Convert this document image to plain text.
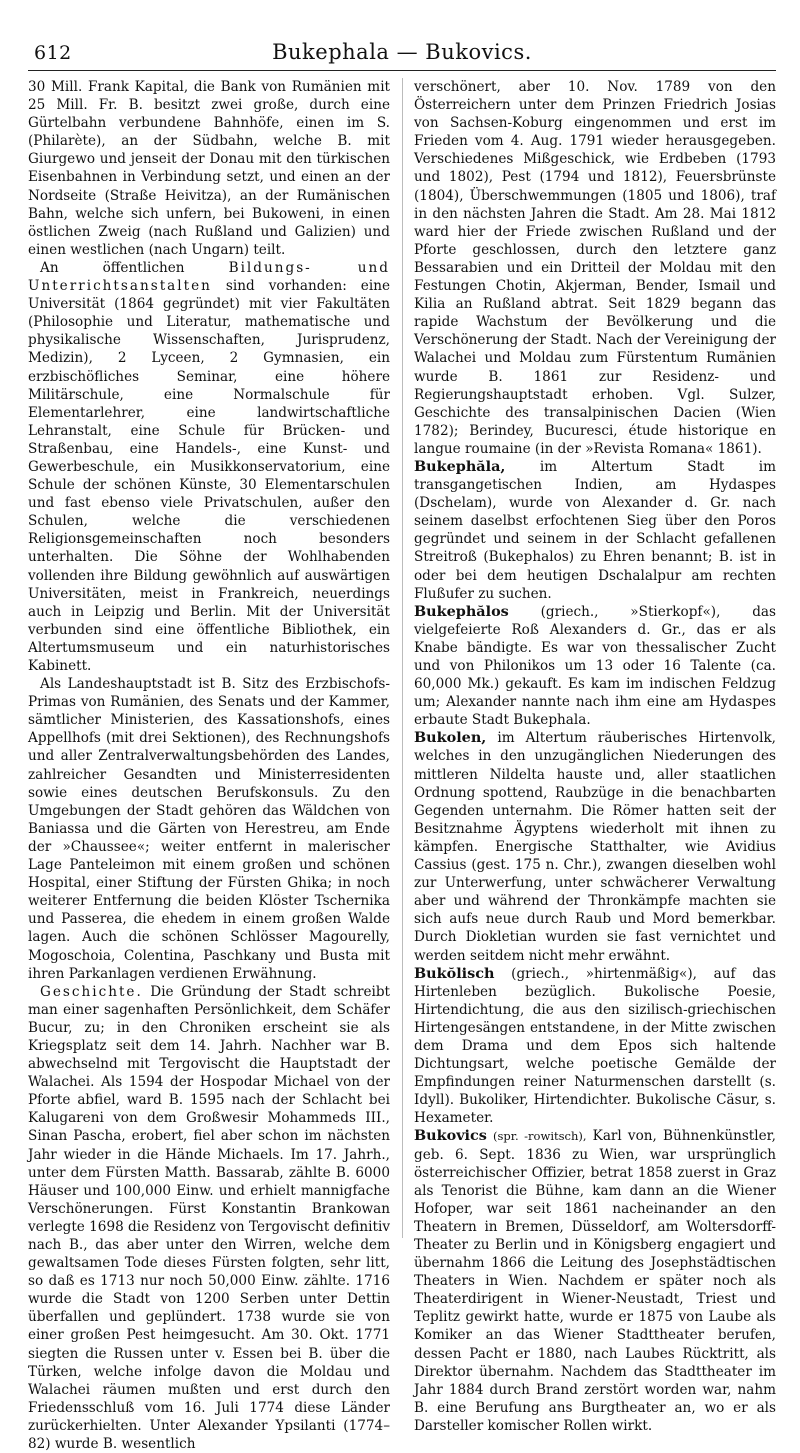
612	Bukephala — Bukovics.

30 Mill. Frank Kapital, die Bank von Rumänien mit 25 Mill. Fr. B. besitzt zwei große, durch eine Gürtelbahn verbundene Bahnhöfe, einen im S. (Philarète), an der Südbahn, welche B. mit Giurgewo und jenseit der Donau mit den türkischen Eisenbahnen in Verbindung setzt, und einen an der Nordseite (Straße Heivitza), an der Rumänischen Bahn, welche sich unfern, bei Bukoweni, in einen östlichen Zweig (nach Rußland und Galizien) und einen westlichen (nach Ungarn) teilt.

An öffentlichen	Bildungs- und Unterrichtsanstalten sind vorhanden: eine Universität (1864 gegründet) mit vier Fakultäten (Philosophie und Literatur, mathematische und physikalische Wissenschaften, Jurisprudenz, Medizin), 2 Lyceen, 2 Gymnasien, ein erzbischöfliches Seminar, eine höhere Militärschule, eine Normalschule für Elementarlehrer, eine landwirtschaftliche Lehranstalt, eine Schule für Brücken- und Straßenbau, eine Handels-, eine Kunst- und Gewerbeschule, ein Musikkonservatorium, eine Schule der schönen Künste, 30 Elementarschulen und fast ebenso viele Privatschulen, außer den Schulen, welche die verschiedenen Religionsgemeinschaften noch besonders unterhalten. Die Söhne der Wohlhabenden vollenden ihre Bildung gewöhnlich auf auswärtigen Universitäten, meist in Frankreich, neuerdings auch in Leipzig und Berlin. Mit der Universität verbunden sind eine öffentliche Bibliothek, ein Altertumsmuseum und ein naturhistorisches Kabinett.

Als Landeshauptstadt ist B. Sitz des Erzbischofs-Primas von Rumänien, des Senats und der Kammer, sämtlicher Ministerien, des Kassationshofs, eines Appellhofs (mit drei Sektionen), des Rechnungshofs und aller Zentralverwaltungsbehörden des Landes, zahlreicher Gesandten und Ministerresidenten sowie eines deutschen Berufskonsuls. Zu den Umgebungen der Stadt gehören das Wäldchen von Baniassa und die Gärten von Herestreu, am Ende der »Chaussee«; weiter entfernt in malerischer Lage Panteleimon mit einem großen und schönen Hospital, einer Stiftung der Fürsten Ghika; in noch weiterer Entfernung die beiden Klöster Tschernika und Passerea, die ehedem in einem großen Walde lagen. Auch die schönen Schlösser Magourelly, Mogoschoia, Colentina, Paschkany und Busta mit ihren Parkanlagen verdienen Erwähnung.

Geschichte. Die Gründung der Stadt schreibt man einer sagenhaften Persönlichkeit, dem Schäfer Bucur, zu; in den Chroniken erscheint sie als Kriegsplatz seit dem 14. Jahrh. Nachher war B. abwechselnd mit Tergovischt die Hauptstadt der Walachei. Als 1594 der Hospodar Michael von der Pforte abfiel, ward B. 1595 nach der Schlacht bei Kalugareni von dem Großwesir Mohammeds III., Sinan Pascha, erobert, fiel aber schon im nächsten Jahr wieder in die Hände Michaels. Im 17. Jahrh., unter dem Fürsten Matth. Bassarab, zählte B. 6000 Häuser und 100,000 Einw. und erhielt mannigfache Verschönerungen. Fürst Konstantin Brankowan verlegte 1698 die Residenz von Tergovischt definitiv nach B., das aber unter den Wirren, welche dem gewaltsamen Tode dieses Fürsten folgten, sehr litt, so daß es 1713 nur noch 50,000 Einw. zählte. 1716 wurde die Stadt von 1200 Serben unter Dettin überfallen und geplündert. 1738 wurde sie von einer großen Pest heimgesucht. Am 30. Okt. 1771 siegten die Russen unter v. Essen bei B. über die Türken, welche infolge davon die Moldau und Walachei räumen mußten und erst durch den Friedensschluß vom 16. Juli 1774 diese Länder zurückerhielten. Unter Alexander Ypsilanti (1774–82) wurde B. wesentlich

verschönert, aber 10. Nov. 1789 von den Österreichern unter dem Prinzen Friedrich Josias von Sachsen-Koburg eingenommen und erst im Frieden vom 4. Aug. 1791 wieder herausgegeben. Verschiedenes Mißgeschick, wie Erdbeben (1793 und 1802), Pest (1794 und 1812), Feuersbrünste (1804), Überschwemmungen (1805 und 1806), traf in den nächsten Jahren die Stadt. Am 28. Mai 1812 ward hier der Friede zwischen Rußland und der Pforte geschlossen, durch den letztere ganz Bessarabien und ein Dritteil der Moldau mit den Festungen Chotin, Akjerman, Bender, Ismail und Kilia an Rußland abtrat. Seit 1829 begann das rapide Wachstum der Bevölkerung und die Verschönerung der Stadt. Nach der Vereinigung der Walachei und Moldau zum Fürstentum Rumänien wurde B. 1861 zur Residenz- und Regierungshauptstadt erhoben. Vgl. Sulzer, Geschichte des transalpinischen Dacien (Wien 1782); Berindey, Bucuresci, étude historique en langue roumaine (in der »Revista Romana« 1861).

Bukephăla,	im Altertum Stadt im transgangetischen Indien, am Hydaspes (Dschelam), wurde von Alexander d. Gr. nach seinem daselbst erfochtenen Sieg über den Poros gegründet und seinem in der Schlacht gefallenen Streitroß (Bukephalos) zu Ehren benannt; B. ist in oder bei dem heutigen Dschalalpur am rechten Flußufer zu suchen.

Bukephălos (griech., »Stierkopf«), das vielgefeierte Roß Alexanders d. Gr., das er als Knabe bändigte. Es war von thessalischer Zucht und von Philonikos um 13 oder 16 Talente (ca. 60,000 Mk.) gekauft. Es kam im indischen Feldzug um; Alexander nannte nach ihm eine am Hydaspes erbaute Stadt Bukephala.

Bukolen, im Altertum räuberisches Hirtenvolk, welches in den unzugänglichen Niederungen des mittleren Nildelta hauste und, aller staatlichen Ordnung spottend, Raubzüge in die benachbarten Gegenden unternahm. Die Römer hatten seit der Besitznahme Ägyptens wiederholt mit ihnen zu kämpfen. Energische Statthalter, wie Avidius Cassius (gest. 175 n. Chr.), zwangen dieselben wohl zur Unterwerfung, unter schwächerer Verwaltung aber und während der Thronkämpfe machten sie sich aufs neue durch Raub und Mord bemerkbar. Durch Diokletian wurden sie fast vernichtet und werden seitdem nicht mehr erwähnt.

Bukŏlisch (griech., »hirtenmäßig«), auf das Hirtenleben bezüglich. Bukolische Poesie, Hirtendichtung, die aus den sizilisch-griechischen Hirtengesängen entstandene, in der Mitte zwischen dem Drama und dem Epos sich haltende Dichtungsart, welche poetische Gemälde der Empfindungen reiner Naturmenschen darstellt (s. Idyll). Bukoliker, Hirtendichter. Bukolische Cäsur, s. Hexameter.

Bukovics (spr. -rowitsch), Karl von, Bühnenkünstler, geb. 6. Sept. 1836 zu Wien, war ursprünglich österreichischer Offizier, betrat 1858 zuerst in Graz als Tenorist die Bühne, kam dann an die Wiener Hofoper, war seit 1861 nacheinander an den Theatern in Bremen, Düsseldorf, am Woltersdorff-Theater zu Berlin und in Königsberg engagiert und übernahm 1866 die Leitung des Josephstädtischen Theaters in Wien. Nachdem er später noch als Theaterdirigent in Wiener-Neustadt, Triest und Teplitz gewirkt hatte, wurde er 1875 von Laube als Komiker an das Wiener Stadttheater berufen, dessen Pacht er 1880, nach Laubes Rücktritt, als Direktor übernahm. Nachdem das Stadttheater im Jahr 1884 durch Brand zerstört worden war, nahm B. eine Berufung ans Burgtheater an, wo er als Darsteller komischer Rollen wirkt.
